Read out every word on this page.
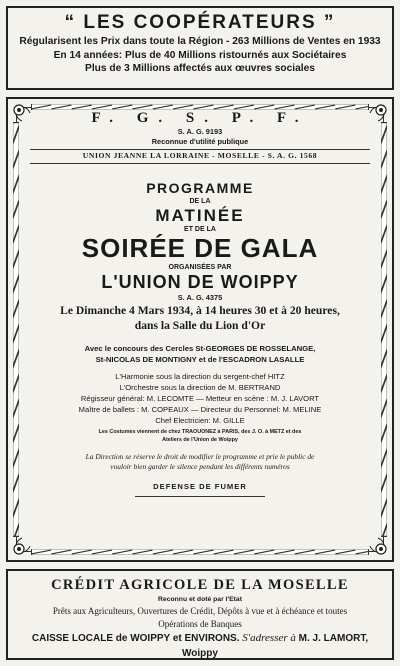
“ LES COOPÉRATEURS ”
Régularisent les Prix dans toute la Région - 263 Millions de Ventes en 1933
En 14 années: Plus de 40 Millions ristournés aux Sociétaires
Plus de 3 Millions affectés aux œuvres sociales
F. G. S. P. F.
S. A. G. 9193
Reconnue d'utilité publique
UNION JEANNE LA LORRAINE - MOSELLE - S. A. G. 1568
PROGRAMME
DE LA
MATINÉE
ET DE LA
SOIRÉE DE GALA
ORGANISÉES PAR
L'UNION DE WOIPPY
S. A. G. 4375
Le Dimanche 4 Mars 1934, à 14 heures 30 et à 20 heures,
dans la Salle du Lion d'Or
Avec le concours des Cercles St-GEORGES DE ROSSELANGE,
St-NICOLAS DE MONTIGNY et de l'ESCADRON LASALLE
L'Harmonie sous la direction du sergent-chef HITZ
L'Orchestre sous la direction de M. BERTRAND
Régisseur général: M. LECOMTE — Metteur en scène : M. J. LAVORT
Maître de ballets : M. COPEAUX — Directeur du Personnel: M. MELINE
Chef Electricien: M. GILLE
Les Costumes viennent de chez TRAOUONEZ à PARIS, des J. O. à METZ et des
Ateliers de l'Union de Woippy
La Direction se réserve le droit de modifier le programme et prie le public de
vouloir bien garder le silence pendant les différents numéros
DEFENSE DE FUMER
CRÉDIT AGRICOLE DE LA MOSELLE
Reconnu et doté par l'Etat
Prêts aux Agriculteurs, Ouvertures de Crédit, Dépôts à vue et à échéance et toutes
Opérations de Banques
CAISSE LOCALE de WOIPPY et ENVIRONS. S'adresser à M. J. LAMORT, Woippy
